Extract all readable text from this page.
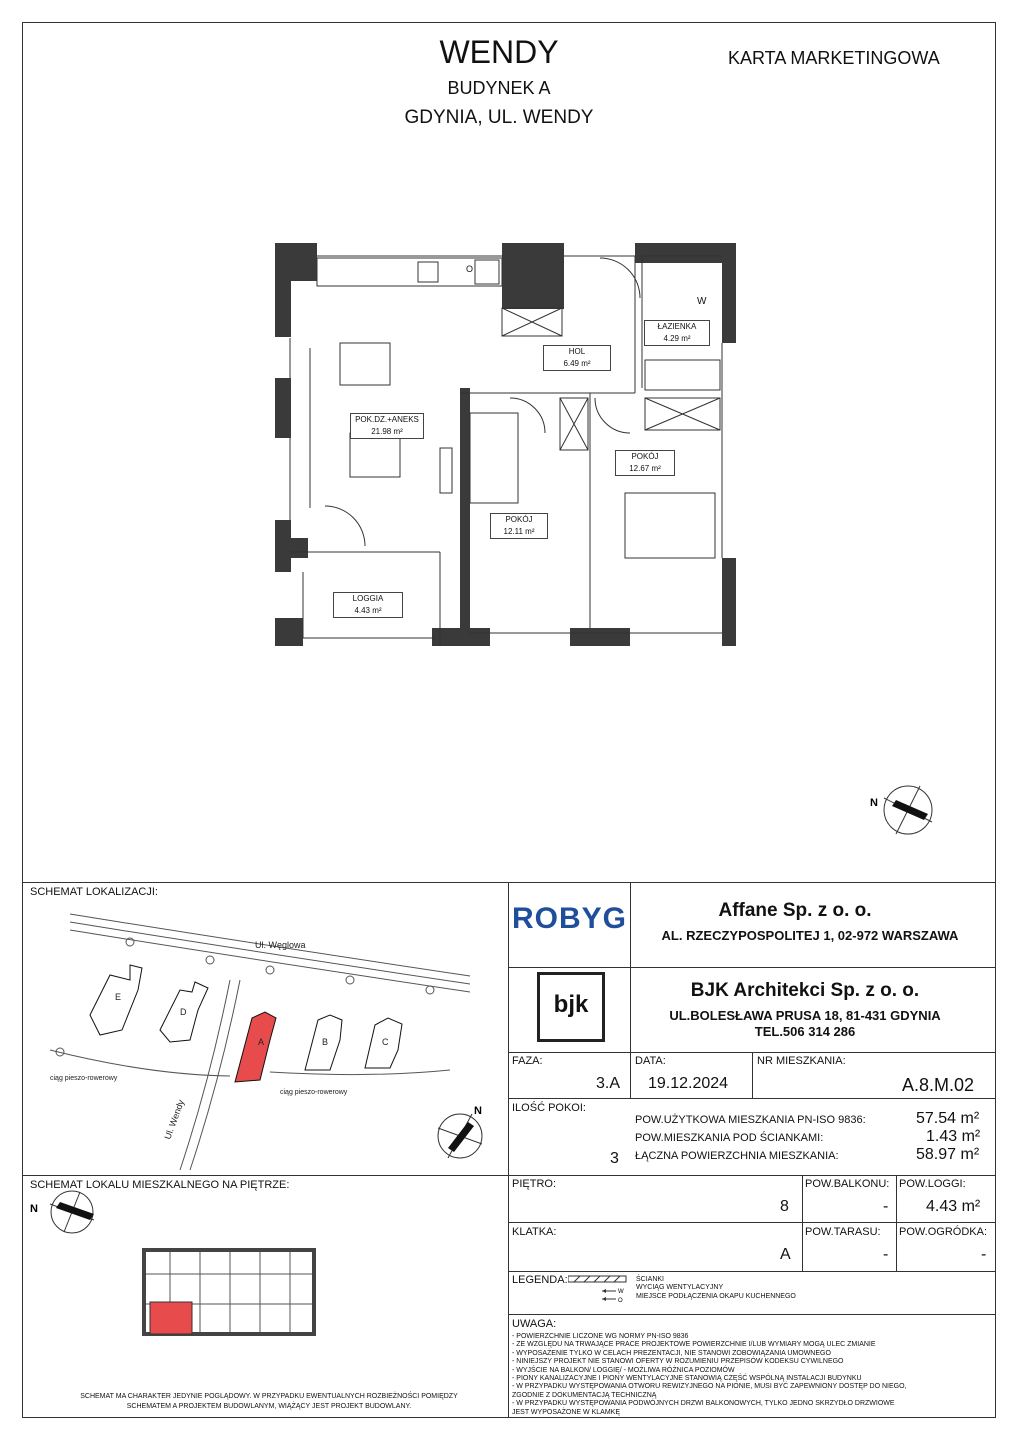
WENDY
BUDYNEK A
GDYNIA, UL. WENDY
KARTA MARKETINGOWA
W
O
HOL
6.49 m²
ŁAZIENKA
4.29 m²
POK.DZ.+ANEKS
21.98 m²
POKÓJ
12.67 m²
POKÓJ
12.11 m²
LOGGIA
4.43 m²
N
SCHEMAT LOKALIZACJI:
Ul. Węglowa
ciąg pieszo-rowerowy
ciąg pieszo-rowerowy
E
D
A	B	C
Ul. Wendy	N
SCHEMAT LOKALU MIESZKALNEGO NA PIĘTRZE:
N
SCHEMAT MA CHARAKTER JEDYNIE POGLĄDOWY. W PRZYPADKU EWENTUALNYCH ROZBIEŻNOŚCI POMIĘDZY
SCHEMATEM A PROJEKTEM BUDOWLANYM, WIĄŻĄCY JEST PROJEKT BUDOWLANY.
ROBYG	Affane Sp. z o. o.
AL. RZECZYPOSPOLITEJ 1, 02-972 WARSZAWA
bjk
BJK Architekci Sp. z o. o.
UL.BOLESŁAWA PRUSA 18, 81-431 GDYNIA
TEL.506 314 286
FAZA:
3.A
DATA:
19.12.2024
NR MIESZKANIA:
A.8.M.02
ILOŚĆ POKOI:
3
POW.UŻYTKOWA MIESZKANIA PN-ISO 9836:	57.54 m²
POW.MIESZKANIA POD ŚCIANKAMI:	1.43 m²
ŁĄCZNA POWIERZCHNIA MIESZKANIA:	58.97 m²
PIĘTRO:
8
POW.BALKONU:
-
POW.LOGGI:
4.43 m²
KLATKA:
A
POW.TARASU:
-
POW.OGRÓDKA:
-
LEGENDA:
W
O
ŚCIANKI
WYCIĄG WENTYLACYJNY
MIEJSCE PODŁĄCZENIA OKAPU KUCHENNEGO
UWAGA:
- POWIERZCHNIE LICZONE WG NORMY PN-ISO 9836
- ZE WZGLĘDU NA TRWAJĄCE PRACE PROJEKTOWE POWIERZCHNIE I/LUB WYMIARY MOGĄ ULEC ZMIANIE
- WYPOSAŻENIE TYLKO W CELACH PREZENTACJI, NIE STANOWI ZOBOWIĄZANIA UMOWNEGO
- NINIEJSZY PROJEKT NIE STANOWI OFERTY W ROZUMIENIU PRZEPISÓW KODEKSU CYWILNEGO
- WYJŚCIE NA BALKON/ LOGGIĘ/ - MOŻLIWA RÓŻNICA POZIOMÓW
- PIONY KANALIZACYJNE I PIONY WENTYLACYJNE STANOWIĄ CZĘŚĆ WSPÓLNĄ INSTALACJI BUDYNKU
- W PRZYPADKU WYSTĘPOWANIA OTWORU REWIZYJNEGO NA PIONIE, MUSI BYĆ ZAPEWNIONY DOSTĘP DO NIEGO,
ZGODNIE Z DOKUMENTACJĄ TECHNICZNĄ
- W PRZYPADKU WYSTĘPOWANIA PODWÓJNYCH DRZWI BALKONOWYCH, TYLKO JEDNO SKRZYDŁO DRZWIOWE
JEST WYPOSAŻONE W KLAMKĘ
